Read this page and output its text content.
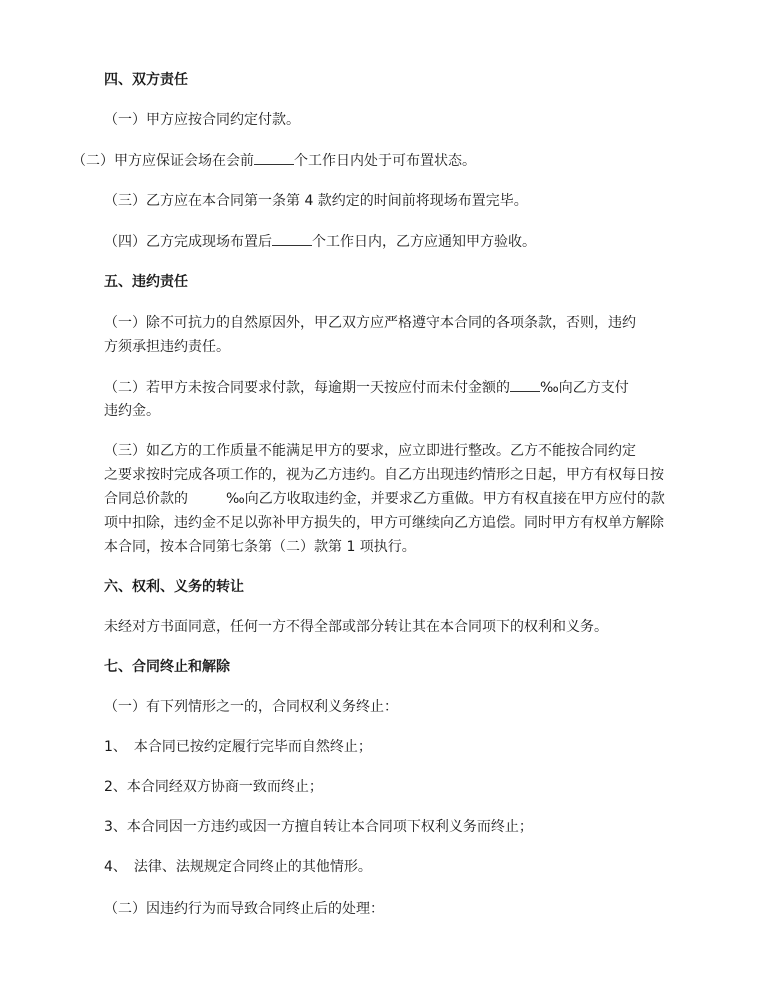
四、双方责任
（一）甲方应按合同约定付款。
（二）甲方应保证会场在会前	个工作日内处于可布置状态。
（三）乙方应在本合同第一条第 4 款约定的时间前将现场布置完毕。
（四）乙方完成现场布置后	个工作日内，乙方应通知甲方验收。
五、违约责任
（一）除不可抗力的自然原因外，甲乙双方应严格遵守本合同的各项条款，否则，违约
方须承担违约责任。
（二）若甲方未按合同要求付款，每逾期一天按应付而未付金额的 ‰向乙方支付
违约金。
（三）如乙方的工作质量不能满足甲方的要求，应立即进行整改。乙方不能按合同约定
之要求按时完成各项工作的，视为乙方违约。自乙方出现违约情形之日起，甲方有权每日按
合同总价款的	‰向乙方收取违约金，并要求乙方重做。甲方有权直接在甲方应付的款
项中扣除，违约金不足以弥补甲方损失的，甲方可继续向乙方追偿。同时甲方有权单方解除
本合同，按本合同第七条第（二）款第 1 项执行。
六、权利、义务的转让
未经对方书面同意，任何一方不得全部或部分转让其在本合同项下的权利和义务。
七、合同终止和解除
（一）有下列情形之一的，合同权利义务终止：
1、　本合同已按约定履行完毕而自然终止；
2、本合同经双方协商一致而终止；
3、本合同因一方违约或因一方擅自转让本合同项下权利义务而终止；
4、　法律、法规规定合同终止的其他情形。
（二）因违约行为而导致合同终止后的处理：
